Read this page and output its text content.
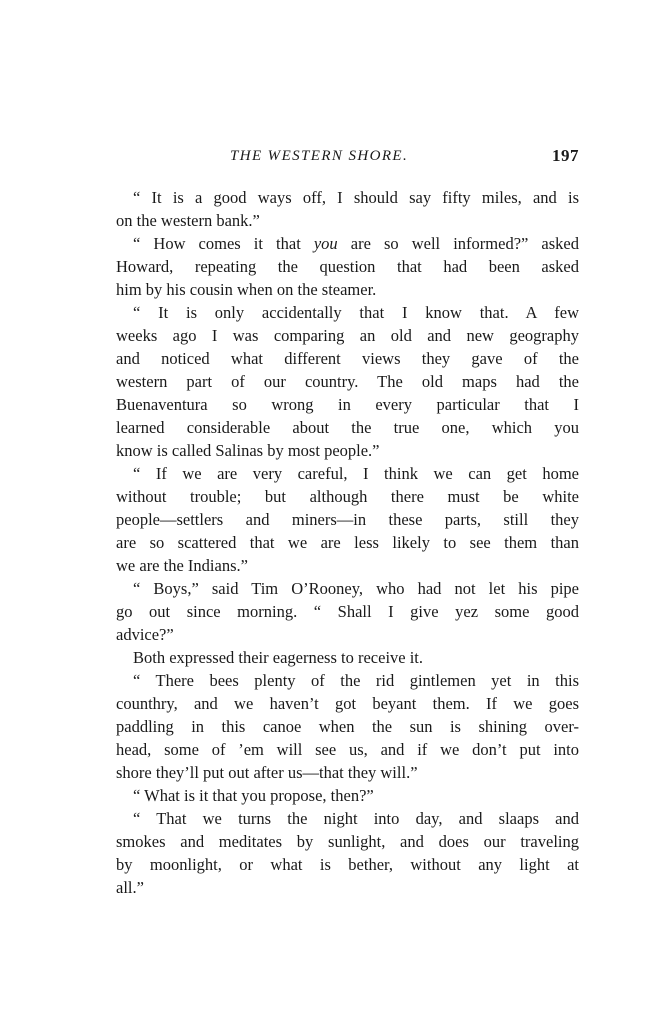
THE WESTERN SHORE.	197
“ It is a good ways off, I should say fifty miles, and is
on the western bank.”
“ How comes it that you are so well informed?” asked
Howard, repeating the question that had been asked
him by his cousin when on the steamer.
“ It is only accidentally that I know that. A few
weeks ago I was comparing an old and new geography
and noticed what different views they gave of the
western part of our country. The old maps had the
Buenaventura so wrong in every particular that I
learned considerable about the true one, which you
know is called Salinas by most people.”
“ If we are very careful, I think we can get home
without trouble; but although there must be white
people—settlers and miners—in these parts, still they
are so scattered that we are less likely to see them than
we are the Indians.”
“ Boys,” said Tim O’Rooney, who had not let his pipe
go out since morning. “ Shall I give yez some good
advice?”
Both expressed their eagerness to receive it.
“ There bees plenty of the rid gintlemen yet in this
counthry, and we haven’t got beyant them. If we goes
paddling in this canoe when the sun is shining over-
head, some of ’em will see us, and if we don’t put into
shore they’ll put out after us—that they will.”
“ What is it that you propose, then?”
“ That we turns the night into day, and slaaps and
smokes and meditates by sunlight, and does our traveling
by moonlight, or what is bether, without any light at
all.”
